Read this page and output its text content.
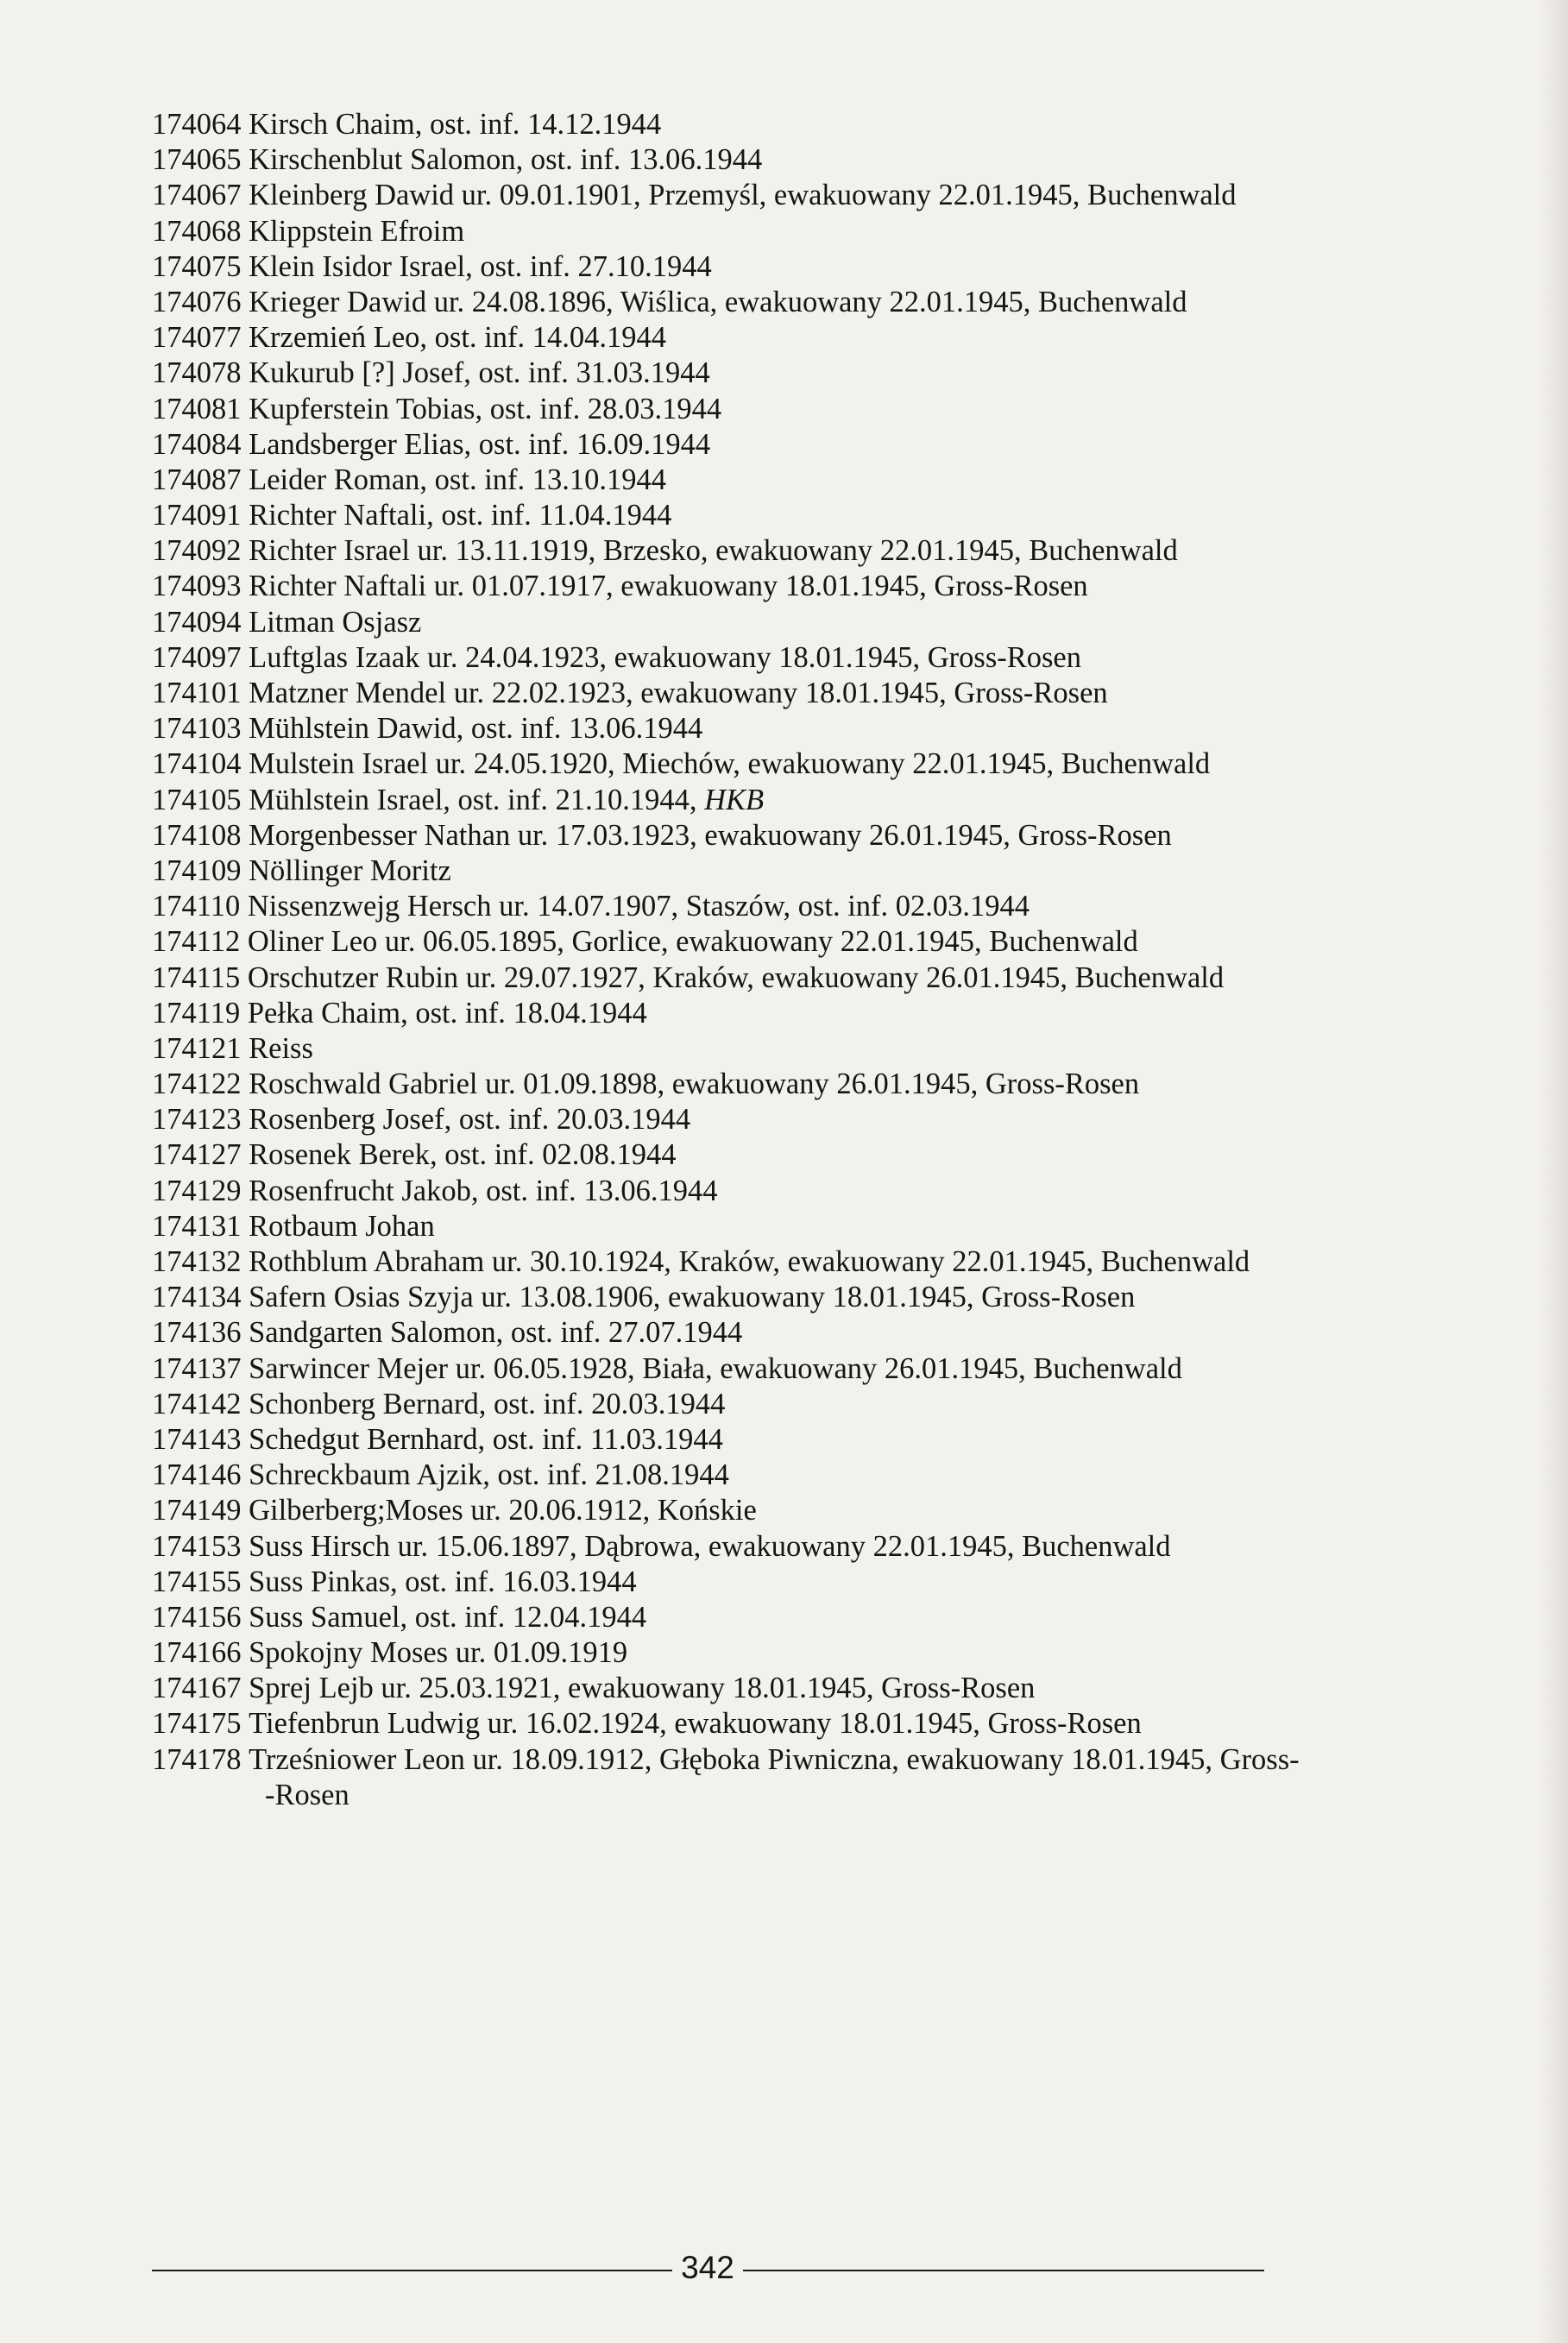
174064 Kirsch Chaim, ost. inf. 14.12.1944
174065 Kirschenblut Salomon, ost. inf. 13.06.1944
174067 Kleinberg Dawid ur. 09.01.1901, Przemyśl, ewakuowany 22.01.1945, Buchenwald
174068 Klippstein Efroim
174075 Klein Isidor Israel, ost. inf. 27.10.1944
174076 Krieger Dawid ur. 24.08.1896, Wiślica, ewakuowany 22.01.1945, Buchenwald
174077 Krzemień Leo, ost. inf. 14.04.1944
174078 Kukurub [?] Josef, ost. inf. 31.03.1944
174081 Kupferstein Tobias, ost. inf. 28.03.1944
174084 Landsberger Elias, ost. inf. 16.09.1944
174087 Leider Roman, ost. inf. 13.10.1944
174091 Richter Naftali, ost. inf. 11.04.1944
174092 Richter Israel ur. 13.11.1919, Brzesko, ewakuowany 22.01.1945, Buchenwald
174093 Richter Naftali ur. 01.07.1917, ewakuowany 18.01.1945, Gross-Rosen
174094 Litman Osjasz
174097 Luftglas Izaak ur. 24.04.1923, ewakuowany 18.01.1945, Gross-Rosen
174101 Matzner Mendel ur. 22.02.1923, ewakuowany 18.01.1945, Gross-Rosen
174103 Mühlstein Dawid, ost. inf. 13.06.1944
174104 Mulstein Israel ur. 24.05.1920, Miechów, ewakuowany 22.01.1945, Buchenwald
174105 Mühlstein Israel, ost. inf. 21.10.1944, HKB
174108 Morgenbesser Nathan ur. 17.03.1923, ewakuowany 26.01.1945, Gross-Rosen
174109 Nöllinger Moritz
174110 Nissenzwejg Hersch ur. 14.07.1907, Staszów, ost. inf. 02.03.1944
174112 Oliner Leo ur. 06.05.1895, Gorlice, ewakuowany 22.01.1945, Buchenwald
174115 Orschutzer Rubin ur. 29.07.1927, Kraków, ewakuowany 26.01.1945, Buchenwald
174119 Pełka Chaim, ost. inf. 18.04.1944
174121 Reiss
174122 Roschwald Gabriel ur. 01.09.1898, ewakuowany 26.01.1945, Gross-Rosen
174123 Rosenberg Josef, ost. inf. 20.03.1944
174127 Rosenek Berek, ost. inf. 02.08.1944
174129 Rosenfrucht Jakob, ost. inf. 13.06.1944
174131 Rotbaum Johan
174132 Rothblum Abraham ur. 30.10.1924, Kraków, ewakuowany 22.01.1945, Buchenwald
174134 Safern Osias Szyja ur. 13.08.1906, ewakuowany 18.01.1945, Gross-Rosen
174136 Sandgarten Salomon, ost. inf. 27.07.1944
174137 Sarwincer Mejer ur. 06.05.1928, Biała, ewakuowany 26.01.1945, Buchenwald
174142 Schonberg Bernard, ost. inf. 20.03.1944
174143 Schedgut Bernhard, ost. inf. 11.03.1944
174146 Schreckbaum Ajzik, ost. inf. 21.08.1944
174149 Gilberberg;Moses ur. 20.06.1912, Końskie
174153 Suss Hirsch ur. 15.06.1897, Dąbrowa, ewakuowany 22.01.1945, Buchenwald
174155 Suss Pinkas, ost. inf. 16.03.1944
174156 Suss Samuel, ost. inf. 12.04.1944
174166 Spokojny Moses ur. 01.09.1919
174167 Sprej Lejb ur. 25.03.1921, ewakuowany 18.01.1945, Gross-Rosen
174175 Tiefenbrun Ludwig ur. 16.02.1924, ewakuowany 18.01.1945, Gross-Rosen
174178 Trześniower Leon ur. 18.09.1912, Głęboka Piwniczna, ewakuowany 18.01.1945, Gross-
-Rosen
342
